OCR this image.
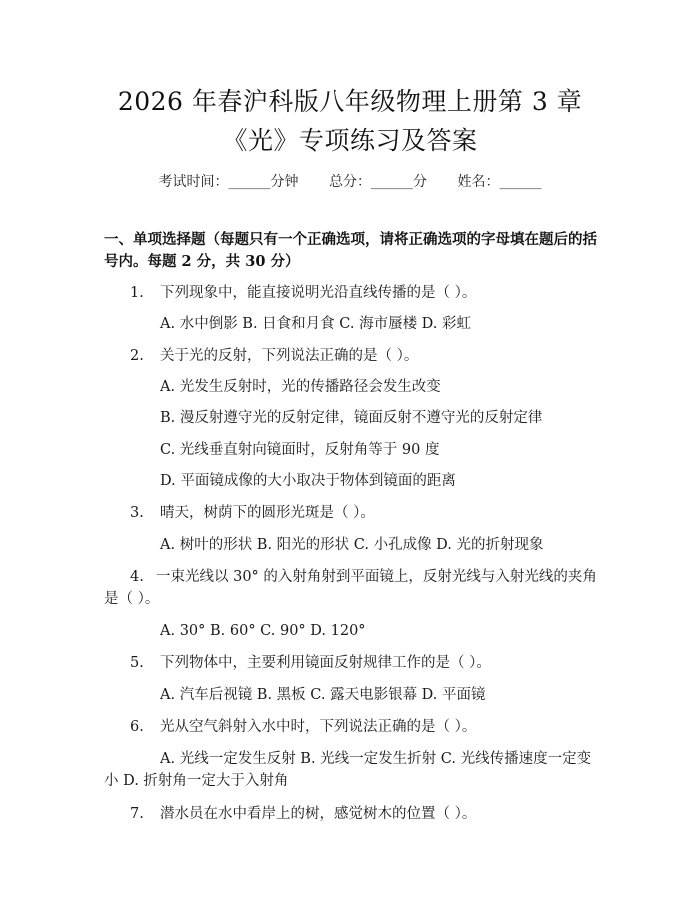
2026 年春沪科版八年级物理上册第 3 章
《光》专项练习及答案
考试时间：______分钟 总分：______分 姓名：______
一、单项选择题（每题只有一个正确选项，请将正确选项的字母填在题后的括号内。每题 2 分，共 30 分）
1. 下列现象中，能直接说明光沿直线传播的是（ ）。
A. 水中倒影 B. 日食和月食 C. 海市蜃楼 D. 彩虹
2. 关于光的反射，下列说法正确的是（ ）。
A. 光发生反射时，光的传播路径会发生改变
B. 漫反射遵守光的反射定律，镜面反射不遵守光的反射定律
C. 光线垂直射向镜面时，反射角等于 90 度
D. 平面镜成像的大小取决于物体到镜面的距离
3. 晴天，树荫下的圆形光斑是（ ）。
A. 树叶的形状 B. 阳光的形状 C. 小孔成像 D. 光的折射现象
4. 一束光线以 30° 的入射角射到平面镜上，反射光线与入射光线的夹角是（ ）。
A. 30° B. 60° C. 90° D. 120°
5. 下列物体中，主要利用镜面反射规律工作的是（ ）。
A. 汽车后视镜 B. 黑板 C. 露天电影银幕 D. 平面镜
6. 光从空气斜射入水中时，下列说法正确的是（ ）。
A. 光线一定发生反射 B. 光线一定发生折射 C. 光线传播速度一定变小 D. 折射角一定大于入射角
7. 潜水员在水中看岸上的树，感觉树木的位置（ ）。
